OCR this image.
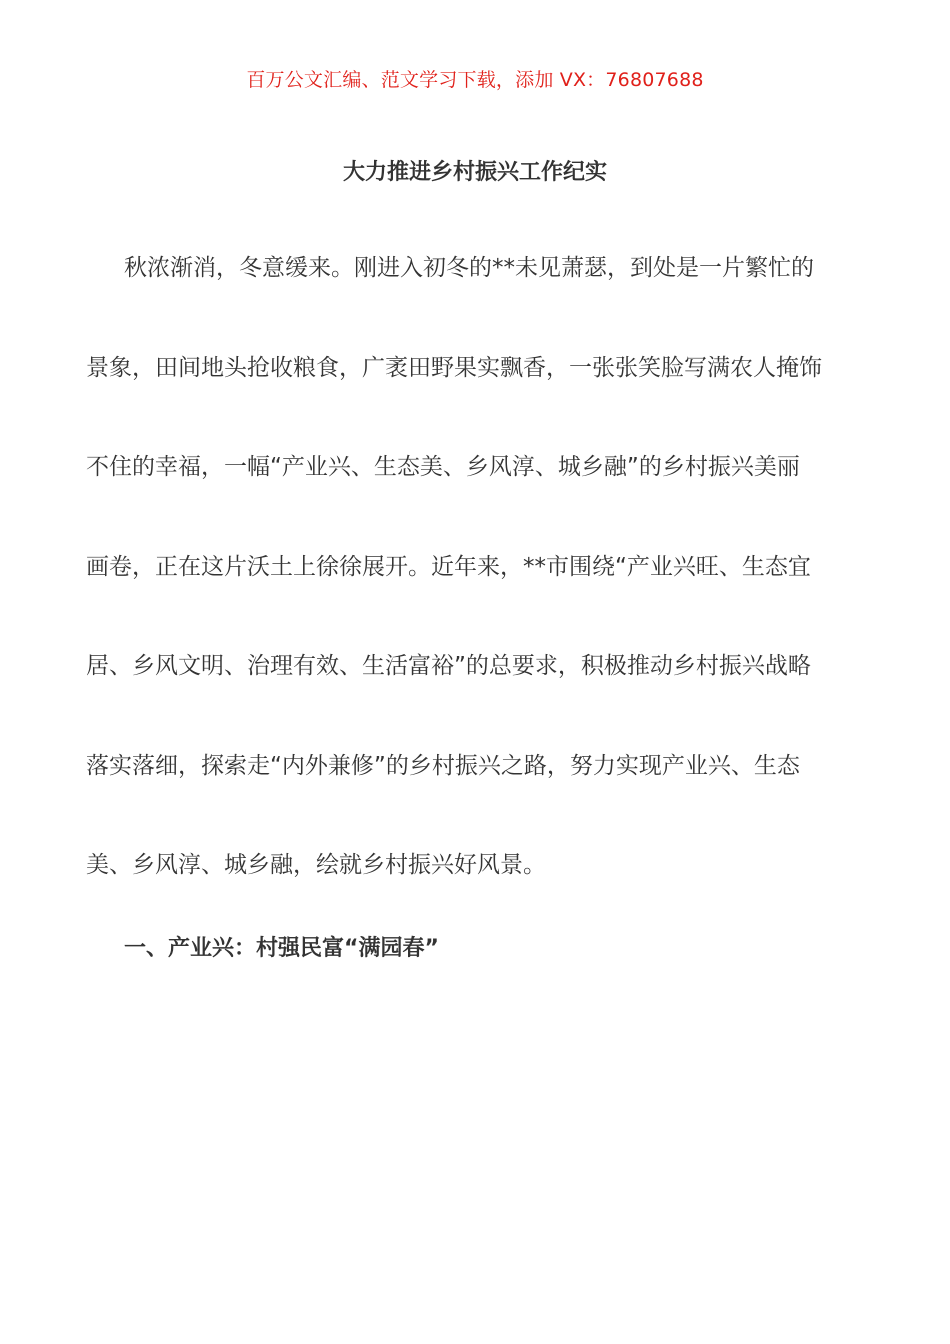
百万公文汇编、范文学习下载，添加 VX：76807688
大力推进乡村振兴工作纪实
秋浓渐消，冬意缓来。刚进入初冬的**未见萧瑟，到处是一片繁忙的
景象，田间地头抢收粮食，广袤田野果实飘香，一张张笑脸写满农人掩饰
不住的幸福，一幅“产业兴、生态美、乡风淳、城乡融”的乡村振兴美丽
画卷，正在这片沃土上徐徐展开。近年来，**市围绕“产业兴旺、生态宜
居、乡风文明、治理有效、生活富裕”的总要求，积极推动乡村振兴战略
落实落细，探索走“内外兼修”的乡村振兴之路，努力实现产业兴、生态
美、乡风淳、城乡融，绘就乡村振兴好风景。
一、产业兴：村强民富“满园春”
